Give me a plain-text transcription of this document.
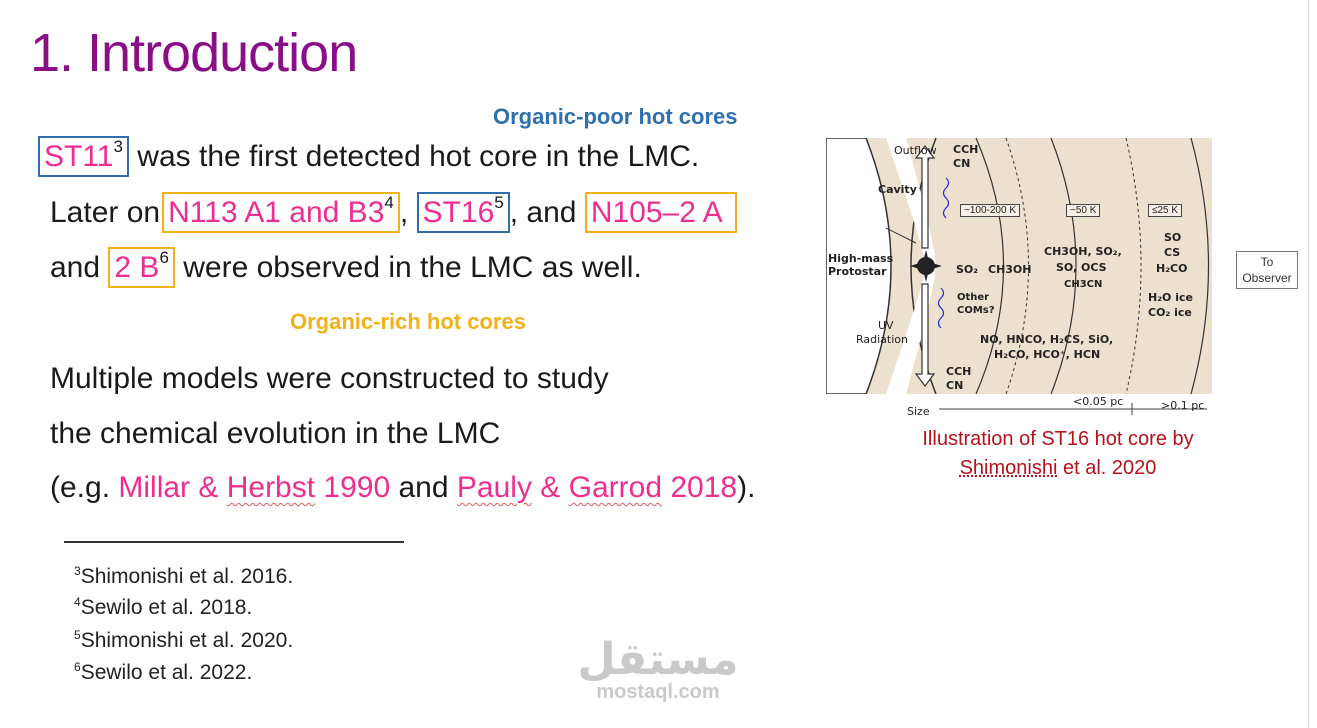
1. Introduction
Organic-poor hot cores
$ST11^3$ was the first detected hot core in the LMC.
Later on N113 A1 and $B3^4$ , $ST16^5$ , and N105–2 A
and 2 $B^6$ were observed in the LMC as well.
Organic-rich hot cores
Multiple models were constructed to study
the chemical evolution in the LMC
(e.g. Millar & Herbst 1990 and Pauly & Garrod 2018).
$^3$Shimonishi et al. 2016.
$^4$Sewilo et al. 2018.
$^5$Shimonishi et al. 2020.
$^6$Sewilo et al. 2022.
Outflow CCH
CN
Cavity
~100-200 K	~50 K	≤25 K
High-mass
Protostar	SO₂ CH3OH
CH3OH, SO₂,
SO, OCS
CH3CN
SO
CS
H₂CO
H₂O ice
CO₂ ice
Other
COMs?
UV
Radiation	NO, HNCO, H₂CS, SiO,
H₂CO, HCO⁺, HCN
CCH
CN
Size
<0.05 pc	>0.1 pc
To
Observer
Illustration of ST16 hot core by
Shimonishi et al. 2020
مستقل
mostaql.com
